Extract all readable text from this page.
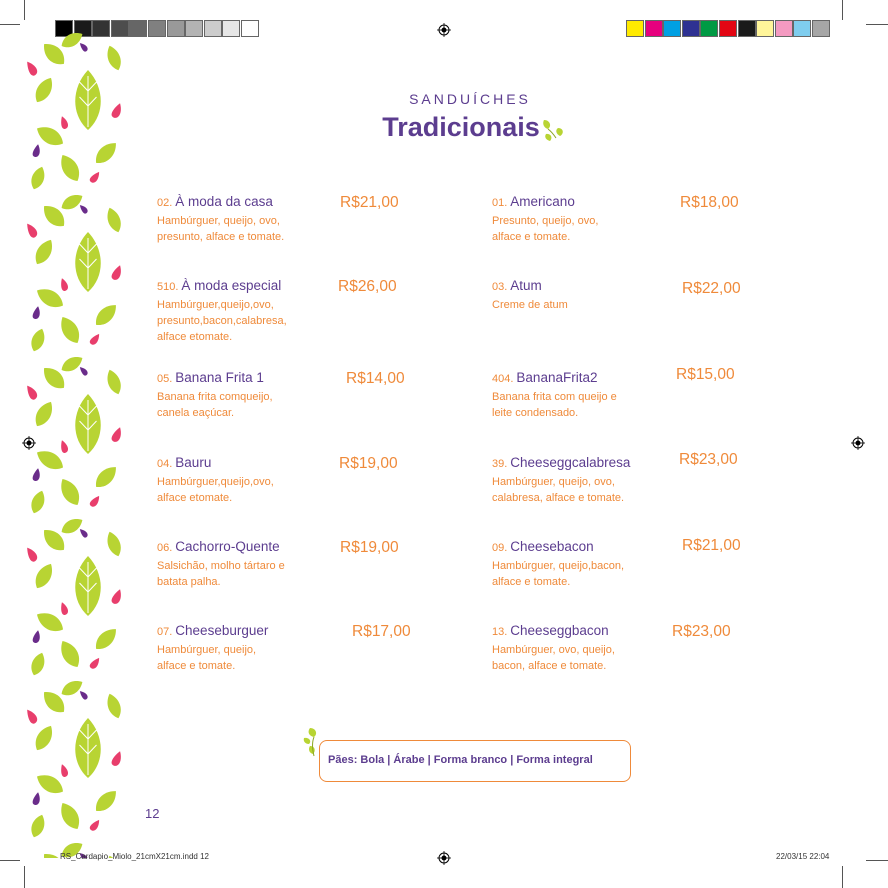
SANDUÍCHES
Tradicionais
02. À moda da casa
Hambúrguer, queijo, ovo,
presunto, alface e tomate.
R$21,00
510. À moda especial
Hambúrguer,queijo,ovo,
presunto,bacon,calabresa,
alface etomate.
R$26,00
05. Banana Frita 1
Banana frita comqueijo,
canela eaçúcar.
R$14,00
04. Bauru
Hambúrguer,queijo,ovo,
alface etomate.
R$19,00
06. Cachorro-Quente
Salsichão, molho tártaro e
batata palha.
R$19,00
07. Cheeseburguer
Hambúrguer, queijo,
alface e tomate.
R$17,00
01. Americano
Presunto, queijo, ovo,
alface e tomate.
R$18,00
03. Atum
Creme de atum
R$22,00
404. BananaFrita2
Banana frita com queijo e
leite condensado.
R$15,00
39. Cheeseggcalabresa
Hambúrguer, queijo, ovo,
calabresa, alface e tomate.
R$23,00
09. Cheesebacon
Hambúrguer, queijo,bacon,
alface e tomate.
R$21,00
13. Cheeseggbacon
Hambúrguer, ovo, queijo,
bacon, alface e tomate.
R$23,00
Pães: Bola | Árabe | Forma branco | Forma integral
12
RS_Cardapio_Miolo_21cmX21cm.indd 12	22/03/15 22:04
